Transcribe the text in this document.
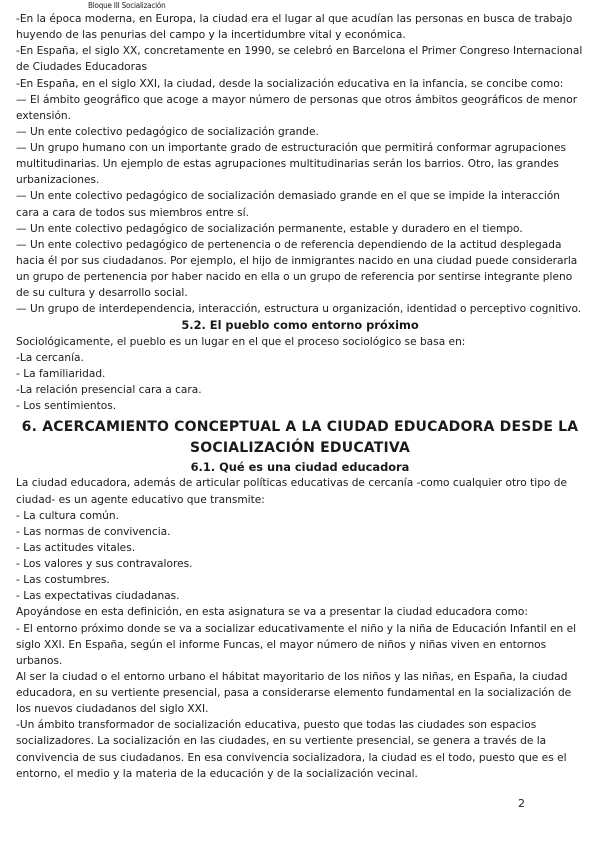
Bloque III Socialización

-En la época moderna, en Europa, la ciudad era el lugar al que acudían las personas en busca de trabajo huyendo de las penurias del campo y la incertidumbre vital y económica.

-En España, el siglo XX, concretamente en 1990, se celebró en Barcelona el Primer Congreso Internacional de Ciudades Educadoras

-En España, en el siglo XXI, la ciudad, desde la socialización educativa en la infancia, se concibe como:

— El ámbito geográfico que acoge a mayor número de personas que otros ámbitos geográficos de menor extensión.

— Un ente colectivo pedagógico de socialización grande.

— Un grupo humano con un importante grado de estructuración que permitirá conformar agrupaciones multitudinarias. Un ejemplo de estas agrupaciones multitudinarias serán los barrios. Otro, las grandes urbanizaciones.

— Un ente colectivo pedagógico de socialización demasiado grande en el que se impide la interacción cara a cara de todos sus miembros entre sí.

— Un ente colectivo pedagógico de socialización permanente, estable y duradero en el tiempo.

— Un ente colectivo pedagógico de pertenencia o de referencia dependiendo de la actitud desplegada hacia él por sus ciudadanos. Por ejemplo, el hijo de inmigrantes nacido en una ciudad puede considerarla un grupo de pertenencia por haber nacido en ella o un grupo de referencia por sentirse integrante pleno de su cultura y desarrollo social.

— Un grupo de interdependencia, interacción, estructura u organización, identidad o perceptivo cognitivo.

5.2. El pueblo como entorno próximo

Sociológicamente, el pueblo es un lugar en el que el proceso sociológico se basa en:

-La cercanía.

- La familiaridad.

-La relación presencial cara a cara.

- Los sentimientos.

6. ACERCAMIENTO CONCEPTUAL A LA CIUDAD EDUCADORA DESDE LA SOCIALIZACIÓN EDUCATIVA
6.1. Qué es una ciudad educadora

La ciudad educadora, además de articular políticas educativas de cercanía -como cualquier otro tipo de ciudad- es un agente educativo que transmite:

- La cultura común.

- Las normas de convivencia.

- Las actitudes vitales.

- Los valores y sus contravalores.

- Las costumbres.

- Las expectativas ciudadanas.

Apoyándose en esta definición, en esta asignatura se va a presentar la ciudad educadora como:

- El entorno próximo donde se va a socializar educativamente el niño y la niña de Educación Infantil en el siglo XXI. En España, según el informe Funcas, el mayor número de niños y niñas viven en entornos urbanos.

Al ser la ciudad o el entorno urbano el hábitat mayoritario de los niños y las niñas, en España, la ciudad educadora, en su vertiente presencial, pasa a considerarse elemento fundamental en la socialización de los nuevos ciudadanos del siglo XXI.

-Un ámbito transformador de socialización educativa, puesto que todas las ciudades son espacios socializadores. La socialización en las ciudades, en su vertiente presencial, se genera a través de la convivencia de sus ciudadanos. En esa convivencia socializadora, la ciudad es el todo, puesto que es el entorno, el medio y la materia de la educación y de la socialización vecinal.

2
